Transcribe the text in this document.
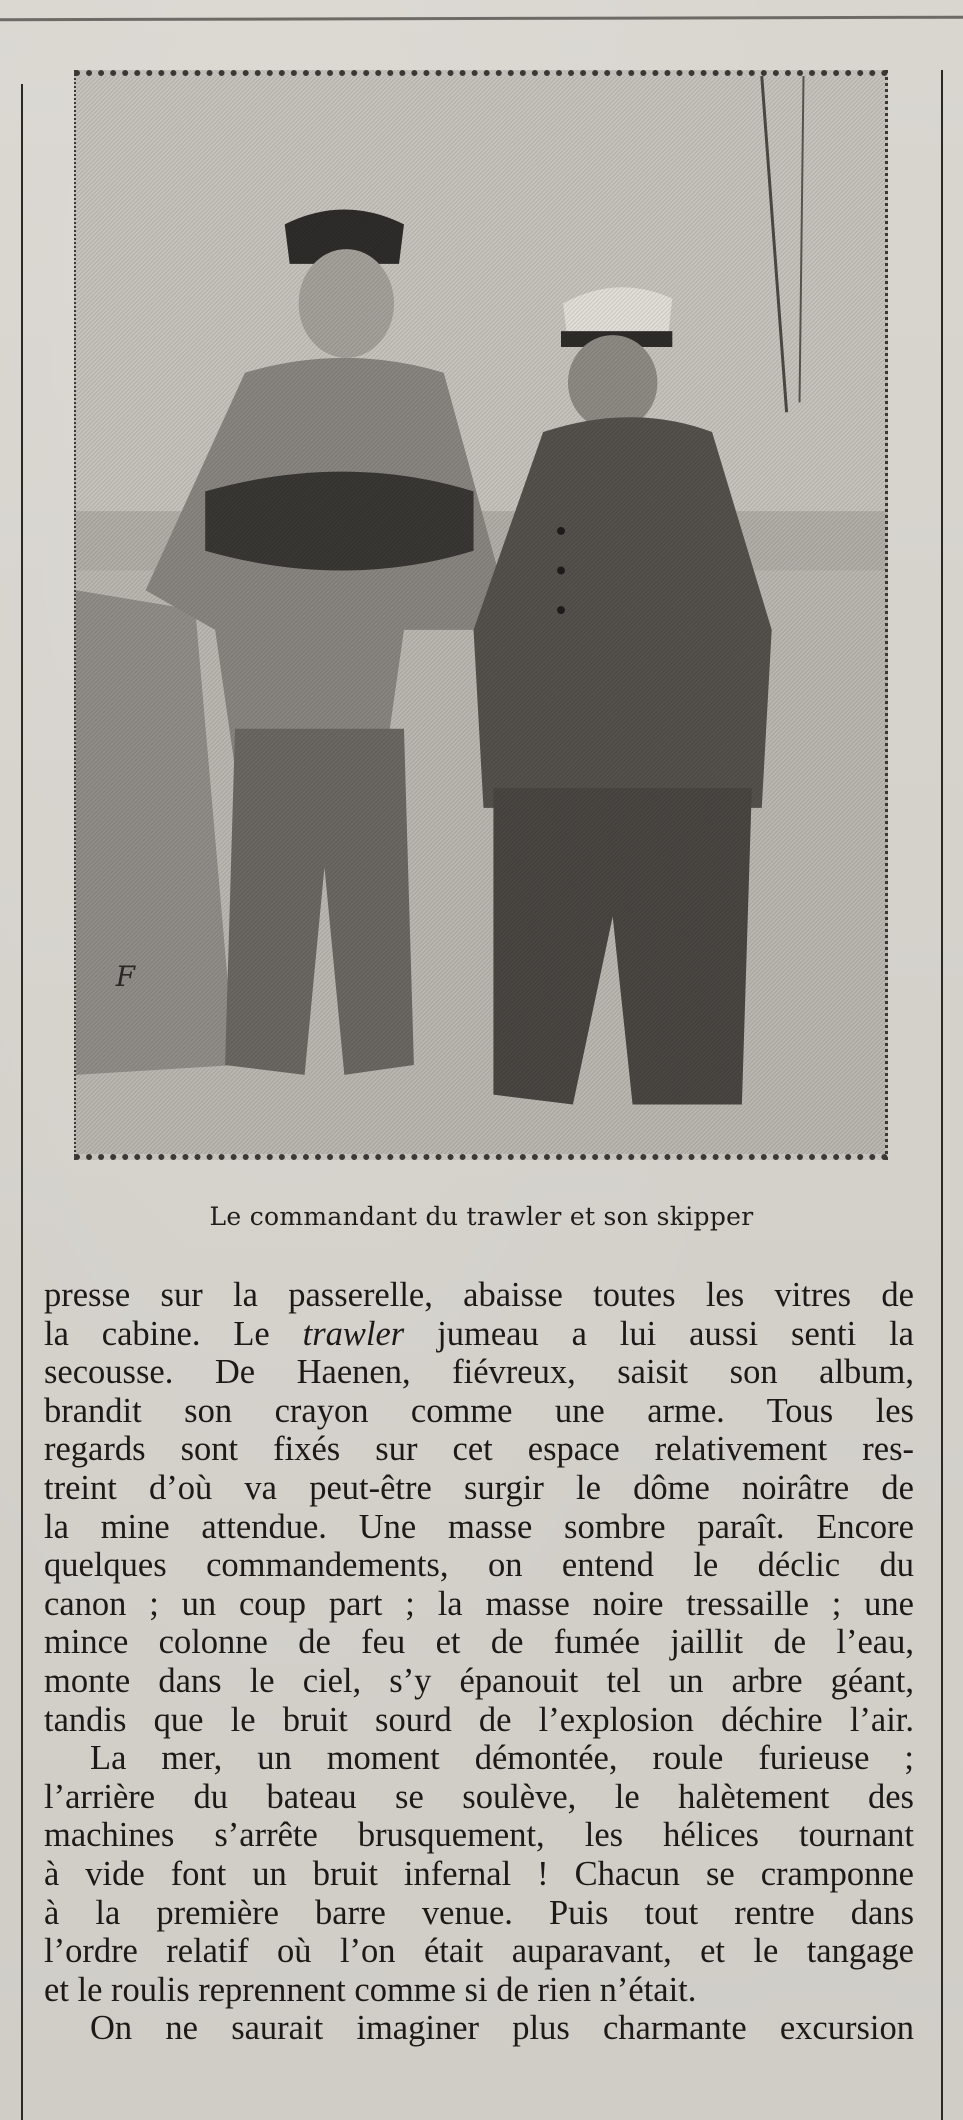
F
Le commandant du trawler et son skipper
presse sur la passerelle, abaisse toutes les vitres de
la cabine. Le trawler jumeau a lui aussi senti la
secousse. De Haenen, fiévreux, saisit son album,
brandit son crayon comme une arme. Tous les
regards sont fixés sur cet espace relativement res-
treint d’où va peut-être surgir le dôme noirâtre de
la mine attendue. Une masse sombre paraît. Encore
quelques commandements, on entend le déclic du
canon ; un coup part ; la masse noire tressaille ; une
mince colonne de feu et de fumée jaillit de l’eau,
monte dans le ciel, s’y épanouit tel un arbre géant,
tandis que le bruit sourd de l’explosion déchire l’air.
La mer, un moment démontée, roule furieuse ;
l’arrière du bateau se soulève, le halètement des
machines s’arrête brusquement, les hélices tournant
à vide font un bruit infernal ! Chacun se cramponne
à la première barre venue. Puis tout rentre dans
l’ordre relatif où l’on était auparavant, et le tangage
et le roulis reprennent comme si de rien n’était.
On ne saurait imaginer plus charmante excursion
